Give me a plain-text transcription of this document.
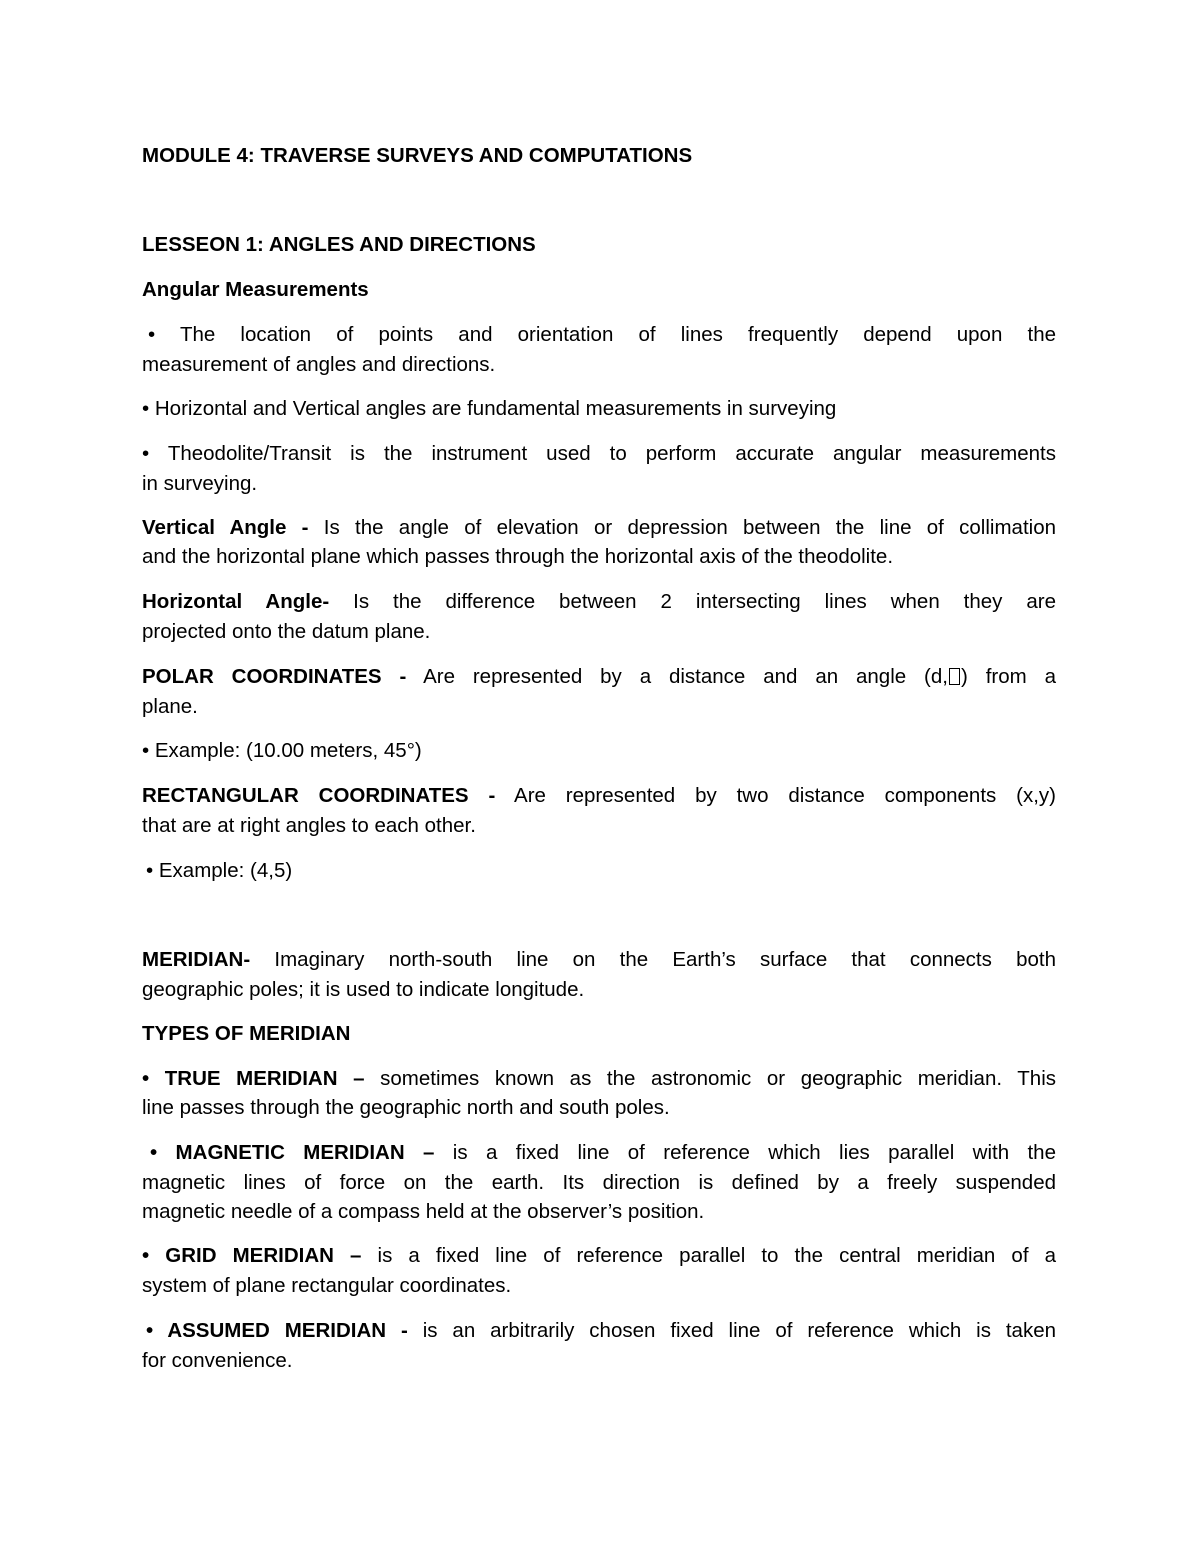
MODULE 4: TRAVERSE SURVEYS AND COMPUTATIONS
LESSEON 1: ANGLES AND DIRECTIONS
Angular Measurements
• The location of points and orientation of lines frequently depend upon the
measurement of angles and directions.
• Horizontal and Vertical angles are fundamental measurements in surveying
• Theodolite/Transit is the instrument used to perform accurate angular measurements
in surveying.
Vertical Angle - Is the angle of elevation or depression between the line of collimation
and the horizontal plane which passes through the horizontal axis of the theodolite.
Horizontal Angle- Is the difference between 2 intersecting lines when they are
projected onto the datum plane.
POLAR COORDINATES - Are represented by a distance and an angle (d, ) from a
plane.
• Example: (10.00 meters, 45°)
RECTANGULAR COORDINATES - Are represented by two distance components (x,y)
that are at right angles to each other.
• Example: (4,5)
MERIDIAN- Imaginary north-south line on the Earth’s surface that connects both
geographic poles; it is used to indicate longitude.
TYPES OF MERIDIAN
• TRUE MERIDIAN – sometimes known as the astronomic or geographic meridian. This
line passes through the geographic north and south poles.
• MAGNETIC MERIDIAN – is a fixed line of reference which lies parallel with the
magnetic lines of force on the earth. Its direction is defined by a freely suspended
magnetic needle of a compass held at the observer’s position.
• GRID MERIDIAN – is a fixed line of reference parallel to the central meridian of a
system of plane rectangular coordinates.
• ASSUMED MERIDIAN - is an arbitrarily chosen fixed line of reference which is taken
for convenience.
